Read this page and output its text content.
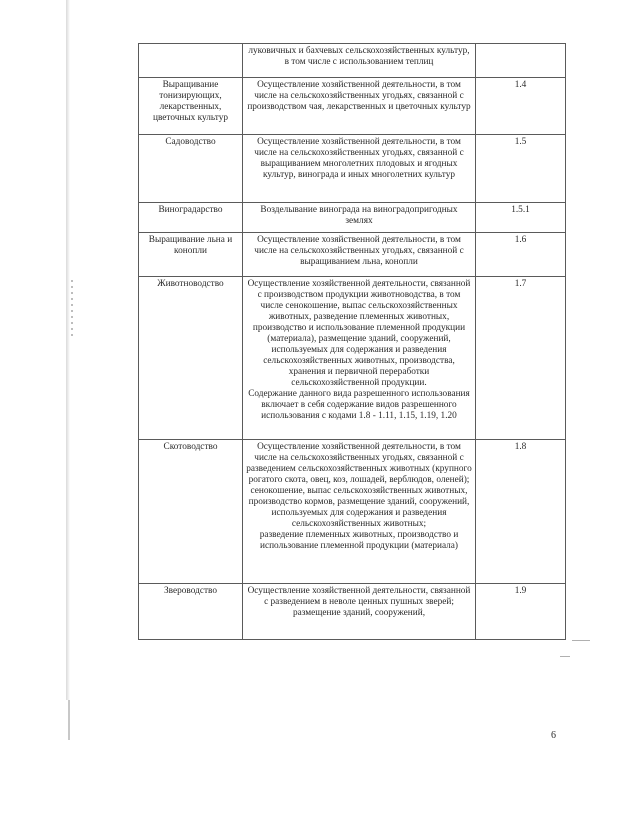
	луковичных и бахчевых сельскохозяйственных культур, в том числе с использованием теплиц	

Выращивание тонизирующих, лекарственных, цветочных культур	Осуществление хозяйственной деятельности, в том числе на сельскохозяйственных угодьях, связанной с производством чая, лекарственных и цветочных культур	1.4
Садоводство	Осуществление хозяйственной деятельности, в том числе на сельскохозяйственных угодьях, связанной с выращиванием многолетних плодовых и ягодных культур, винограда и иных многолетних культур	1.5
Виноградарство	Возделывание винограда на виноградопригодных землях	1.5.1
Выращивание льна и конопли	Осуществление хозяйственной деятельности, в том числе на сельскохозяйственных угодьях, связанной с выращиванием льна, конопли	1.6
Животноводство	Осуществление хозяйственной деятельности, связанной с производством продукции животноводства, в том числе сенокошение, выпас сельскохозяйственных животных, разведение племенных животных, производство и использование племенной продукции (материала), размещение зданий, сооружений, используемых для содержания и разведения сельскохозяйственных животных, производства, хранения и первичной переработки сельскохозяйственной продукции.
Содержание данного вида разрешенного использования включает в себя содержание видов разрешенного использования с кодами 1.8 - 1.11, 1.15, 1.19, 1.20	1.7
Скотоводство	Осуществление хозяйственной деятельности, в том числе на сельскохозяйственных угодьях, связанной с разведением сельскохозяйственных животных (крупного рогатого скота, овец, коз, лошадей, верблюдов, оленей);
сенокошение, выпас сельскохозяйственных животных, производство кормов, размещение зданий, сооружений, используемых для содержания и разведения сельскохозяйственных животных;
разведение племенных животных, производство и использование племенной продукции (материала)	1.8
Звероводство	Осуществление хозяйственной деятельности, связанной с разведением в неволе ценных пушных зверей;
размещение зданий, сооружений,	1.9
6
